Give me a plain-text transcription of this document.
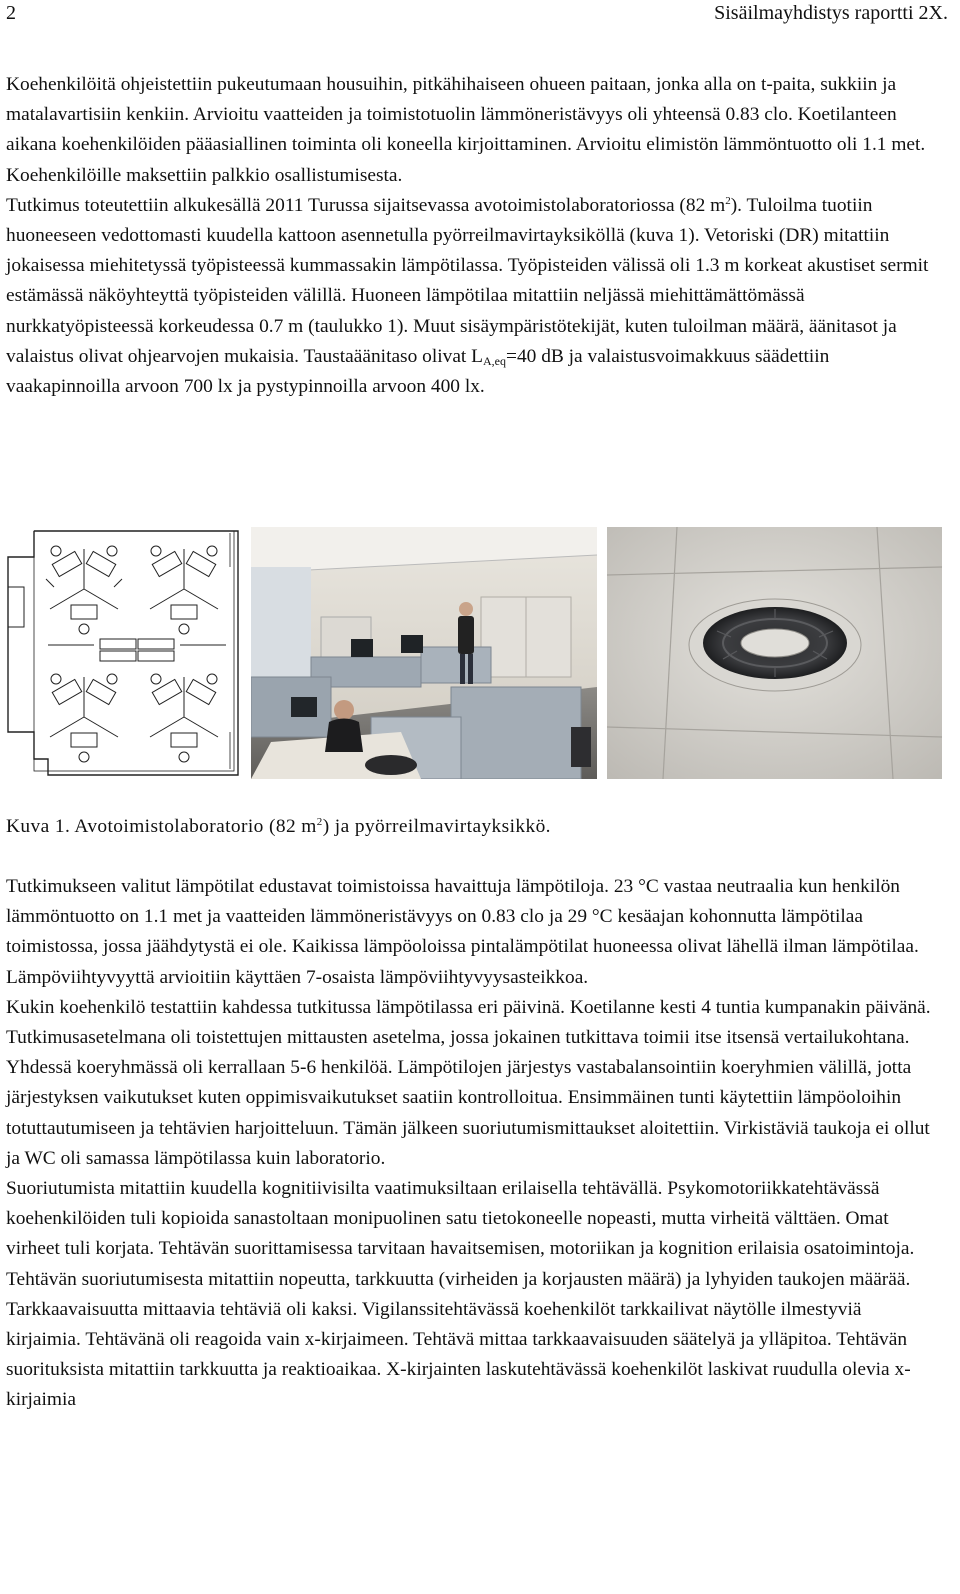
2	Sisäilmayhdistys raportti 2X.
Koehenkilöitä ohjeistettiin pukeutumaan housuihin, pitkähihaiseen ohueen paitaan, jonka alla on t-paita, sukkiin ja matalavartisiin kenkiin. Arvioitu vaatteiden ja toimistotuolin lämmöneristävyys oli yhteensä 0.83 clo. Koetilanteen aikana koehenkilöiden pääasiallinen toiminta oli koneella kirjoittaminen. Arvioitu elimistön lämmöntuotto oli 1.1 met. Koehenkilöille maksettiin palkkio osallistumisesta.
Tutkimus toteutettiin alkukesällä 2011 Turussa sijaitsevassa avotoimistolaboratoriossa (82 $m^2$). Tuloilma tuotiin huoneeseen vedottomasti kuudella kattoon asennetulla pyörreilmavirtayksiköllä (kuva 1). Vetoriski (DR) mitattiin jokaisessa miehitetyssä työpisteessä kummassakin lämpötilassa. Työpisteiden välissä oli 1.3 m korkeat akustiset sermit estämässä näköyhteyttä työpisteiden välillä. Huoneen lämpötilaa mitattiin neljässä miehittämättömässä nurkkatyöpisteessä korkeudessa 0.7 m (taulukko 1). Muut sisäympäristötekijät, kuten tuloilman määrä, äänitasot ja valaistus olivat ohjearvojen mukaisia. Taustaäänitaso olivat $L_{A,eq}=40$ dB ja valaistusvoimakkuus säädettiin vaakapinnoilla arvoon 700 lx ja pystypinnoilla arvoon 400 lx.
Kuva 1. Avotoimistolaboratorio (82 $m^2$) ja pyörreilmavirtayksikkö.
Tutkimukseen valitut lämpötilat edustavat toimistoissa havaittuja lämpötiloja. 23 °C vastaa neutraalia kun henkilön lämmöntuotto on 1.1 met ja vaatteiden lämmöneristävyys on 0.83 clo ja 29 °C kesäajan kohonnutta lämpötilaa toimistossa, jossa jäähdytystä ei ole. Kaikissa lämpöoloissa pintalämpötilat huoneessa olivat lähellä ilman lämpötilaa. Lämpöviihtyvyyttä arvioitiin käyttäen 7-osaista lämpöviihtyvyysasteikkoa.
Kukin koehenkilö testattiin kahdessa tutkitussa lämpötilassa eri päivinä. Koetilanne kesti 4 tuntia kumpanakin päivänä. Tutkimusasetelmana oli toistettujen mittausten asetelma, jossa jokainen tutkittava toimii itse itsensä vertailukohtana. Yhdessä koeryhmässä oli kerrallaan 5-6 henkilöä. Lämpötilojen järjestys vastabalansointiin koeryhmien välillä, jotta järjestyksen vaikutukset kuten oppimisvaikutukset saatiin kontrolloitua. Ensimmäinen tunti käytettiin lämpöoloihin totuttautumiseen ja tehtävien harjoitteluun. Tämän jälkeen suoriutumismittaukset aloitettiin. Virkistäviä taukoja ei ollut ja WC oli samassa lämpötilassa kuin laboratorio.
Suoriutumista mitattiin kuudella kognitiivisilta vaatimuksiltaan erilaisella tehtävällä. Psykomotoriikkatehtävässä koehenkilöiden tuli kopioida sanastoltaan monipuolinen satu tietokoneelle nopeasti, mutta virheitä välttäen. Omat virheet tuli korjata. Tehtävän suorittamisessa tarvitaan havaitsemisen, motoriikan ja kognition erilaisia osatoimintoja. Tehtävän suoriutumisesta mitattiin nopeutta, tarkkuutta (virheiden ja korjausten määrä) ja lyhyiden taukojen määrää.
Tarkkaavaisuutta mittaavia tehtäviä oli kaksi. Vigilanssitehtävässä koehenkilöt tarkkailivat näytölle ilmestyviä kirjaimia. Tehtävänä oli reagoida vain x-kirjaimeen. Tehtävä mittaa tarkkaavaisuuden säätelyä ja ylläpitoa. Tehtävän suorituksista mitattiin tarkkuutta ja reaktioaikaa. X-kirjainten laskutehtävässä koehenkilöt laskivat ruudulla olevia x-kirjaimia
